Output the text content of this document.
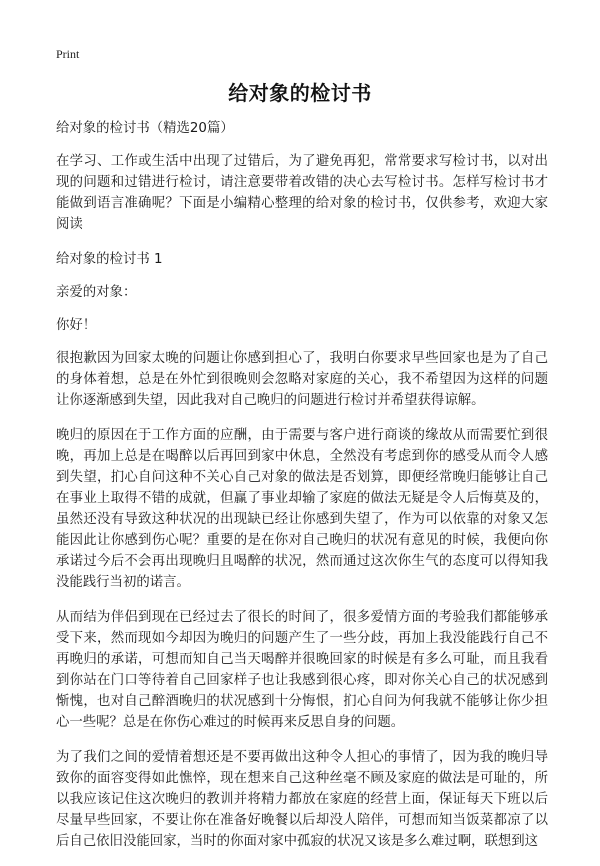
Print
给对象的检讨书

给对象的检讨书（精选20篇）

在学习、工作或生活中出现了过错后，为了避免再犯，常常要求写检讨书，以对出现的问题和过错进行检讨，请注意要带着改错的决心去写检讨书。怎样写检讨书才能做到语言准确呢？下面是小编精心整理的给对象的检讨书，仅供参考，欢迎大家阅读

给对象的检讨书 1

亲爱的对象：

你好！

很抱歉因为回家太晚的问题让你感到担心了，我明白你要求早些回家也是为了自己的身体着想，总是在外忙到很晚则会忽略对家庭的关心，我不希望因为这样的问题让你逐渐感到失望，因此我对自己晚归的问题进行检讨并希望获得谅解。

晚归的原因在于工作方面的应酬，由于需要与客户进行商谈的缘故从而需要忙到很晚，再加上总是在喝醉以后再回到家中休息，全然没有考虑到你的感受从而令人感到失望，扪心自问这种不关心自己对象的做法是否划算，即便经常晚归能够让自己在事业上取得不错的成就，但赢了事业却输了家庭的做法无疑是令人后悔莫及的，虽然还没有导致这种状况的出现缺已经让你感到失望了，作为可以依靠的对象又怎能因此让你感到伤心呢？重要的是在你对自己晚归的状况有意见的时候，我便向你承诺过今后不会再出现晚归且喝醉的状况，然而通过这次你生气的态度可以得知我没能践行当初的诺言。

从而结为伴侣到现在已经过去了很长的时间了，很多爱情方面的考验我们都能够承受下来，然而现如今却因为晚归的问题产生了一些分歧，再加上我没能践行自己不再晚归的承诺，可想而知自己当天喝醉并很晚回家的时候是有多么可耻，而且我看到你站在门口等待着自己回家样子也让我感到很心疼，即对你关心自己的状况感到惭愧，也对自己醉酒晚归的状况感到十分悔恨，扪心自问为何我就不能够让你少担心一些呢？总是在你伤心难过的时候再来反思自身的问题。

为了我们之间的爱情着想还是不要再做出这种令人担心的事情了，因为我的晚归导致你的面容变得如此憔悴，现在想来自己这种丝毫不顾及家庭的做法是可耻的，所以我应该记住这次晚归的教训并将精力都放在家庭的经营上面，保证每天下班以后尽量早些回家，不要让你在准备好晚餐以后却没人陪伴，可想而知当饭菜都凉了以后自己依旧没能回家，当时的你面对家中孤寂的状况又该是多么难过啊，联想到这
